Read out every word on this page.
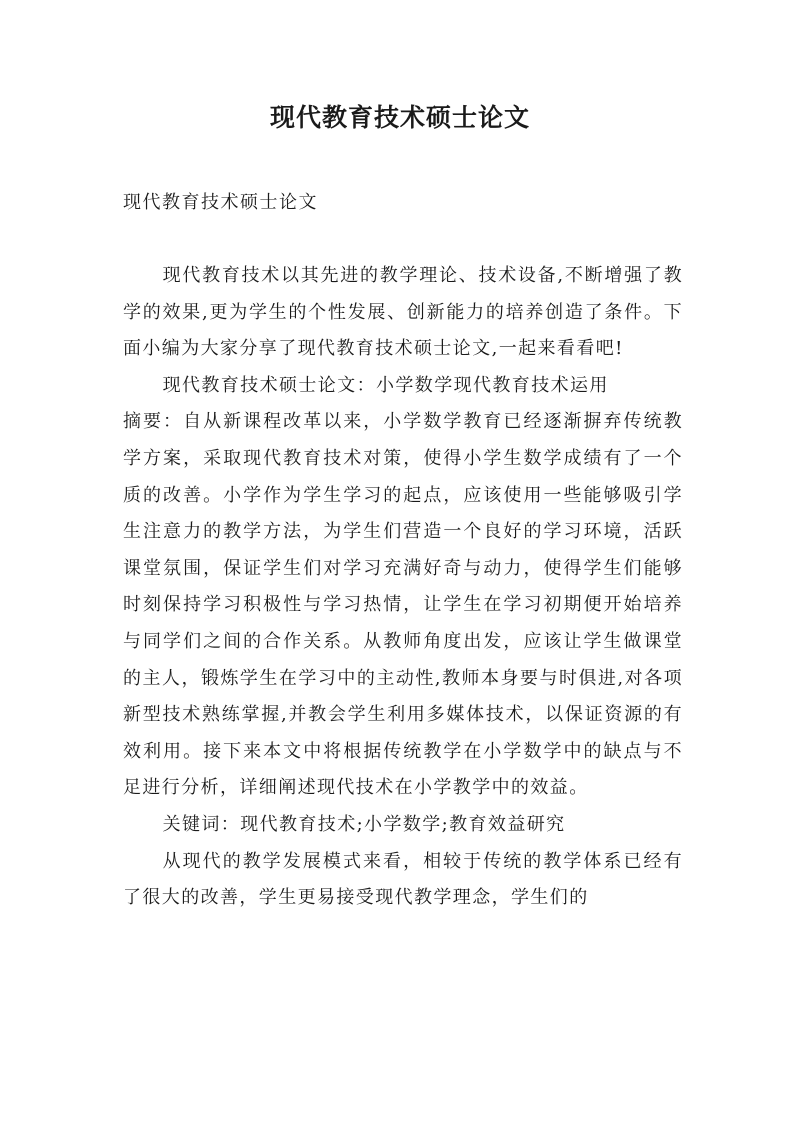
现代教育技术硕士论文
现代教育技术硕士论文

现代教育技术以其先进的教学理论、技术设备,不断增强了教学的效果,更为学生的个性发展、创新能力的培养创造了条件。下面小编为大家分享了现代教育技术硕士论文,一起来看看吧!

现代教育技术硕士论文：小学数学现代教育技术运用

摘要：自从新课程改革以来，小学数学教育已经逐渐摒弃传统教学方案，采取现代教育技术对策，使得小学生数学成绩有了一个质的改善。小学作为学生学习的起点，应该使用一些能够吸引学生注意力的教学方法，为学生们营造一个良好的学习环境，活跃课堂氛围，保证学生们对学习充满好奇与动力，使得学生们能够时刻保持学习积极性与学习热情，让学生在学习初期便开始培养与同学们之间的合作关系。从教师角度出发，应该让学生做课堂的主人，锻炼学生在学习中的主动性,教师本身要与时俱进,对各项新型技术熟练掌握,并教会学生利用多媒体技术，以保证资源的有效利用。接下来本文中将根据传统教学在小学数学中的缺点与不足进行分析，详细阐述现代技术在小学教学中的效益。

关键词：现代教育技术;小学数学;教育效益研究

从现代的教学发展模式来看，相较于传统的教学体系已经有了很大的改善，学生更易接受现代教学理念，学生们的
